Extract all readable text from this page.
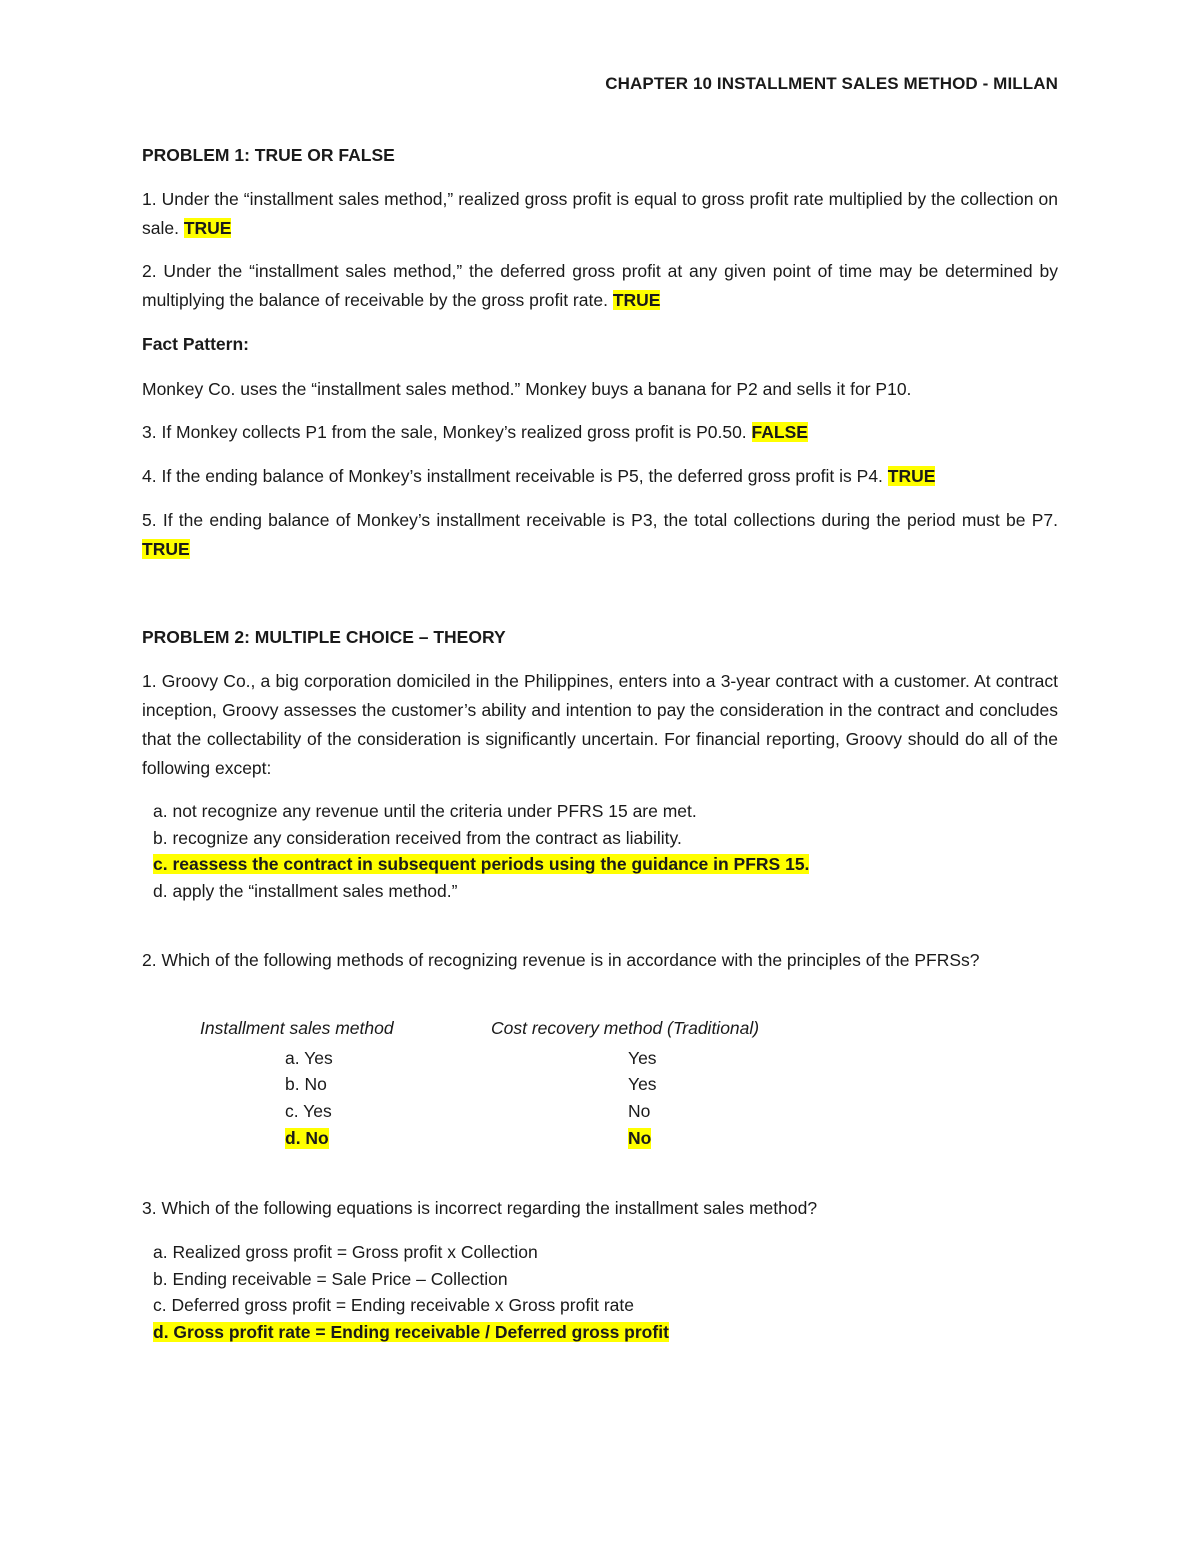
CHAPTER 10 INSTALLMENT SALES METHOD - MILLAN
PROBLEM 1: TRUE OR FALSE
1. Under the “installment sales method,” realized gross profit is equal to gross profit rate multiplied by the collection on sale. TRUE
2. Under the “installment sales method,” the deferred gross profit at any given point of time may be determined by multiplying the balance of receivable by the gross profit rate. TRUE
Fact Pattern:
Monkey Co. uses the “installment sales method.” Monkey buys a banana for P2 and sells it for P10.
3. If Monkey collects P1 from the sale, Monkey’s realized gross profit is P0.50. FALSE
4. If the ending balance of Monkey’s installment receivable is P5, the deferred gross profit is P4. TRUE
5. If the ending balance of Monkey’s installment receivable is P3, the total collections during the period must be P7. TRUE
PROBLEM 2: MULTIPLE CHOICE – THEORY
1. Groovy Co., a big corporation domiciled in the Philippines, enters into a 3-year contract with a customer. At contract inception, Groovy assesses the customer’s ability and intention to pay the consideration in the contract and concludes that the collectability of the consideration is significantly uncertain. For financial reporting, Groovy should do all of the following except:
a. not recognize any revenue until the criteria under PFRS 15 are met.
b. recognize any consideration received from the contract as liability.
c. reassess the contract in subsequent periods using the guidance in PFRS 15.
d. apply the “installment sales method.”
2. Which of the following methods of recognizing revenue is in accordance with the principles of the PFRSs?
Installment sales method	Cost recovery method (Traditional)
a. Yes	Yes
b. No	Yes
c. Yes	No
d. No	No
3. Which of the following equations is incorrect regarding the installment sales method?
a. Realized gross profit = Gross profit x Collection
b. Ending receivable = Sale Price – Collection
c. Deferred gross profit = Ending receivable x Gross profit rate
d. Gross profit rate = Ending receivable / Deferred gross profit
